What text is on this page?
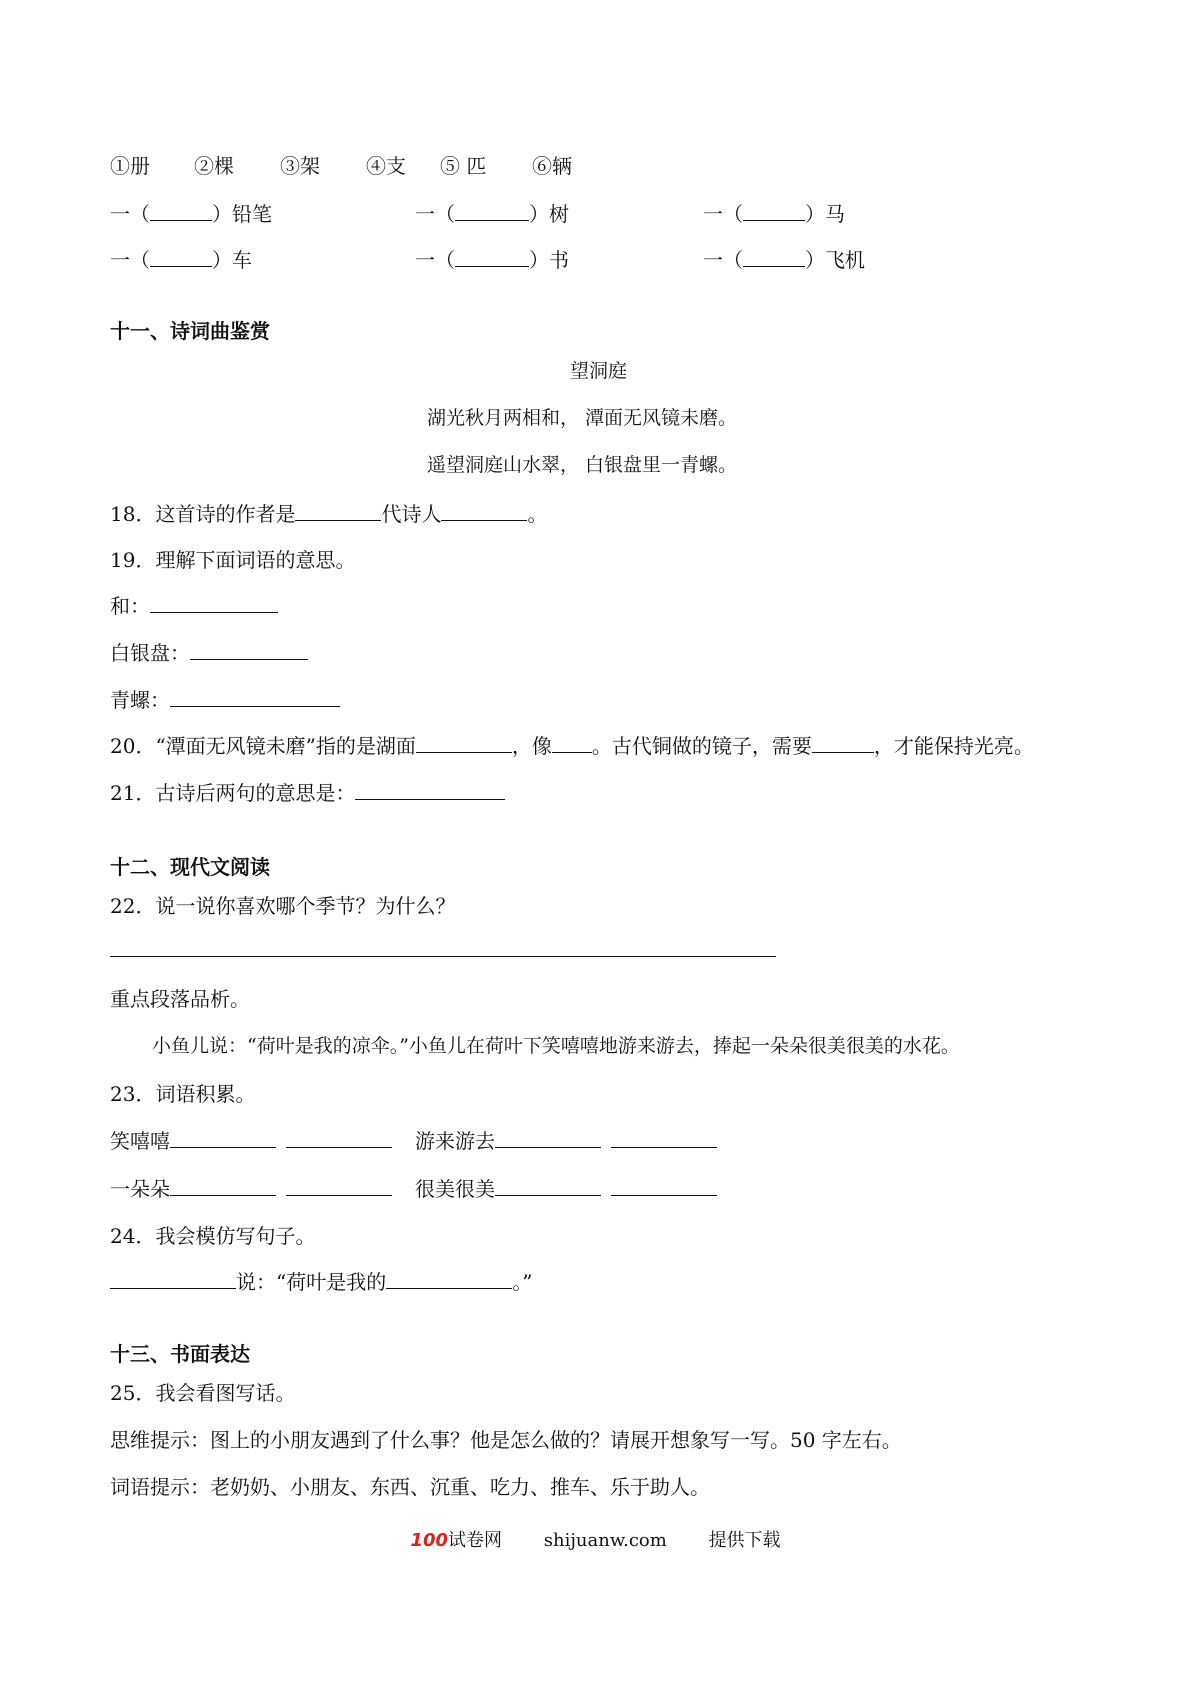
①册 ②棵 ③架 ④支 ⑤ 匹 ⑥辆
一（	）铅笔	一（	）树	一（	）马
一（	）车	一（	）书	一（	）飞机
十一、诗词曲鉴赏
望洞庭
湖光秋月两相和， 潭面无风镜未磨。
遥望洞庭山水翠， 白银盘里一青螺。
18．这首诗的作者是	代诗人	。
19．理解下面词语的意思。
和：
白银盘：
青螺：
20．“潭面无风镜未磨”指的是湖面	，像 。古代铜做的镜子，需要	，才能保持光亮。
21．古诗后两句的意思是：
十二、现代文阅读
22．说一说你喜欢哪个季节？为什么？
重点段落品析。
小鱼儿说：“荷叶是我的凉伞。”小鱼儿在荷叶下笑嘻嘻地游来游去，捧起一朵朵很美很美的水花。
23．词语积累。
笑嘻嘻	游来游去
一朵朵	很美很美
24．我会模仿写句子。
说：“荷叶是我的	。”
十三、书面表达
25．我会看图写话。
思维提示：图上的小朋友遇到了什么事？他是怎么做的？请展开想象写一写。50 字左右。
词语提示：老奶奶、小朋友、东西、沉重、吃力、推车、乐于助人。
100试卷网 shijuanw.com 提供下载
